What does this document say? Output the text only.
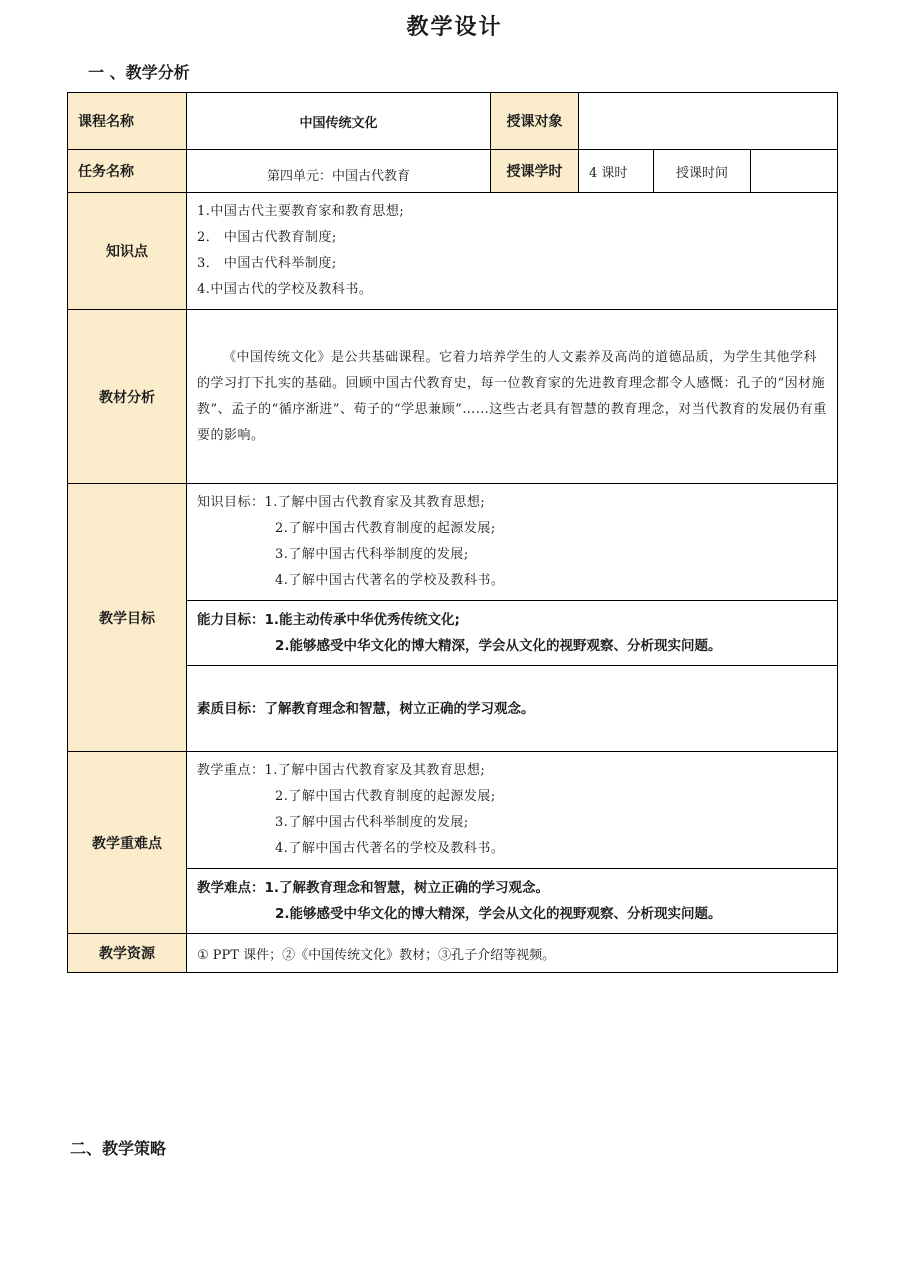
教学设计
一 、教学分析
课程名称	中国传统文化	授课对象			
任务名称	第四单元：中国古代教育	授课学时	4 课时	授课时间	
知识点	1.中国古代主要教育家和教育思想;
2． 中国古代教育制度;
3． 中国古代科举制度;
4.中国古代的学校及教科书。				

教材分析	《中国传统文化》是公共基础课程。它着力培养学生的人文素养及高尚的道德品质，为学生其他学科的学习打下扎实的基础。回顾中国古代教育史，每一位教育家的先进教育理念都令人感慨：孔子的“因材施教”、孟子的“循序渐进”、荀子的“学思兼顾”……这些古老具有智慧的教育理念，对当代教育的发展仍有重要的影响。				

教学目标	知识目标：1.了解中国古代教育家及其教育思想;
2.了解中国古代教育制度的起源发展;
3.了解中国古代科举制度的发展;
4.了解中国古代著名的学校及教科书。				

	能力目标：1.能主动传承中华优秀传统文化;
2.能够感受中华文化的博大精深，学会从文化的视野观察、分析现实问题。				

	素质目标：了解教育理念和智慧，树立正确的学习观念。				

教学重难点	教学重点：1.了解中国古代教育家及其教育思想;
2.了解中国古代教育制度的起源发展;
3.了解中国古代科举制度的发展;
4.了解中国古代著名的学校及教科书。				

	教学难点：1.了解教育理念和智慧，树立正确的学习观念。
2.能够感受中华文化的博大精深，学会从文化的视野观察、分析现实问题。				

教学资源	① PPT 课件；②《中国传统文化》教材；③孔子介绍等视频。				
二、教学策略
